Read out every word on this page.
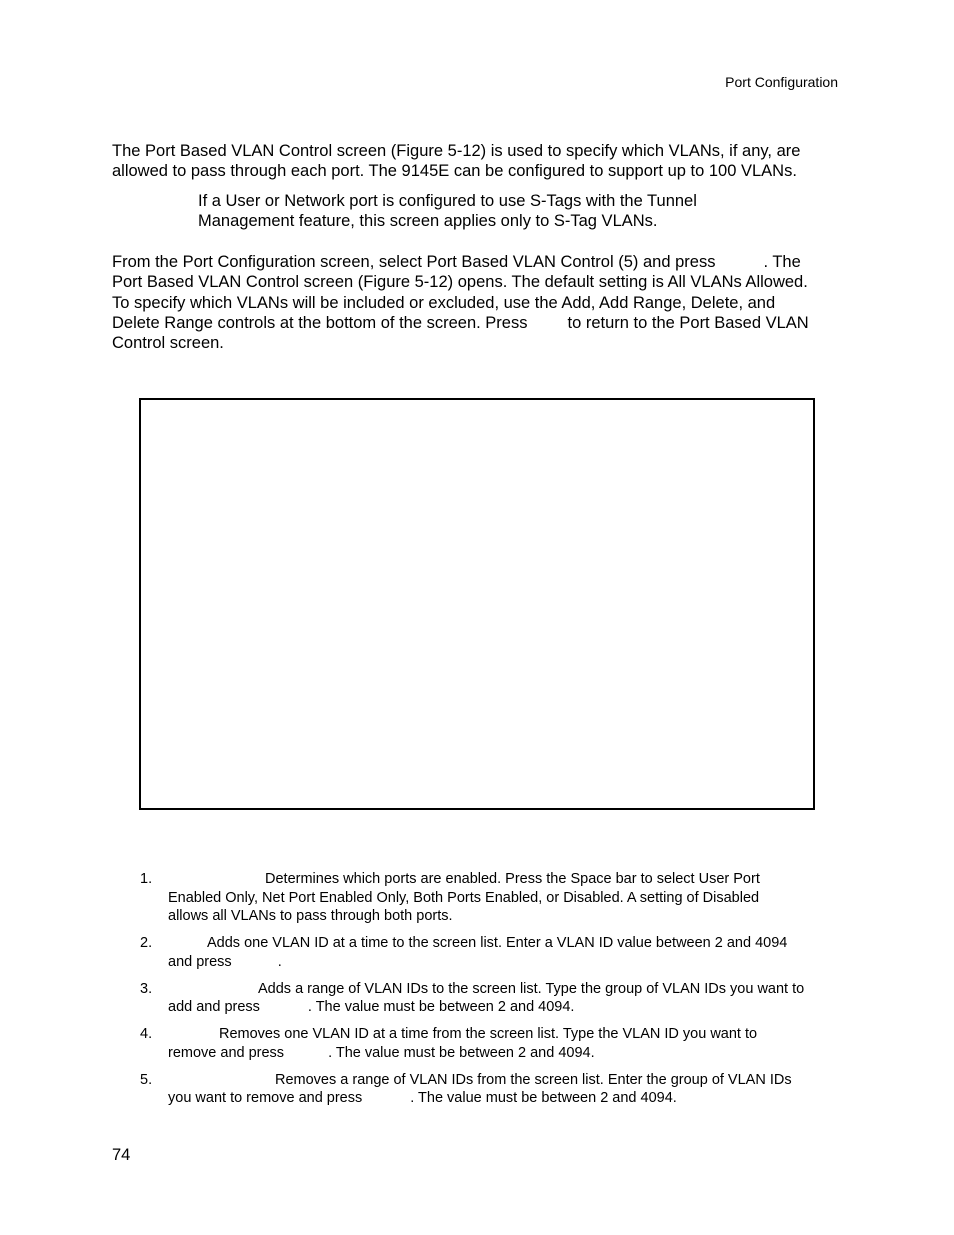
Port Configuration

The Port Based VLAN Control screen (Figure 5-12) is used to specify which VLANs, if any, are
allowed to pass through each port. The 9145E can be configured to support up to 100 VLANs.

If a User or Network port is configured to use S-Tags with the Tunnel
Management feature, this screen applies only to S-Tag VLANs.

From the Port Configuration screen, select Port Based VLAN Control (5) and press	. The
Port Based VLAN Control screen (Figure 5-12) opens. The default setting is All VLANs Allowed.
To specify which VLANs will be included or excluded, use the Add, Add Range, Delete, and
Delete Range controls at the bottom of the screen. Press to return to the Port Based VLAN
Control screen.

1.	Determines which ports are enabled. Press the Space bar to select User Port
Enabled Only, Net Port Enabled Only, Both Ports Enabled, or Disabled. A setting of Disabled
allows all VLANs to pass through both ports.
2.	Adds one VLAN ID at a time to the screen list. Enter a VLAN ID value between 2 and 4094
and press	.
3.	Adds a range of VLAN IDs to the screen list. Type the group of VLAN IDs you want to
add and press	. The value must be between 2 and 4094.
4.	Removes one VLAN ID at a time from the screen list. Type the VLAN ID you want to
remove and press	. The value must be between 2 and 4094.
5.	Removes a range of VLAN IDs from the screen list. Enter the group of VLAN IDs
you want to remove and press	. The value must be between 2 and 4094.
74
